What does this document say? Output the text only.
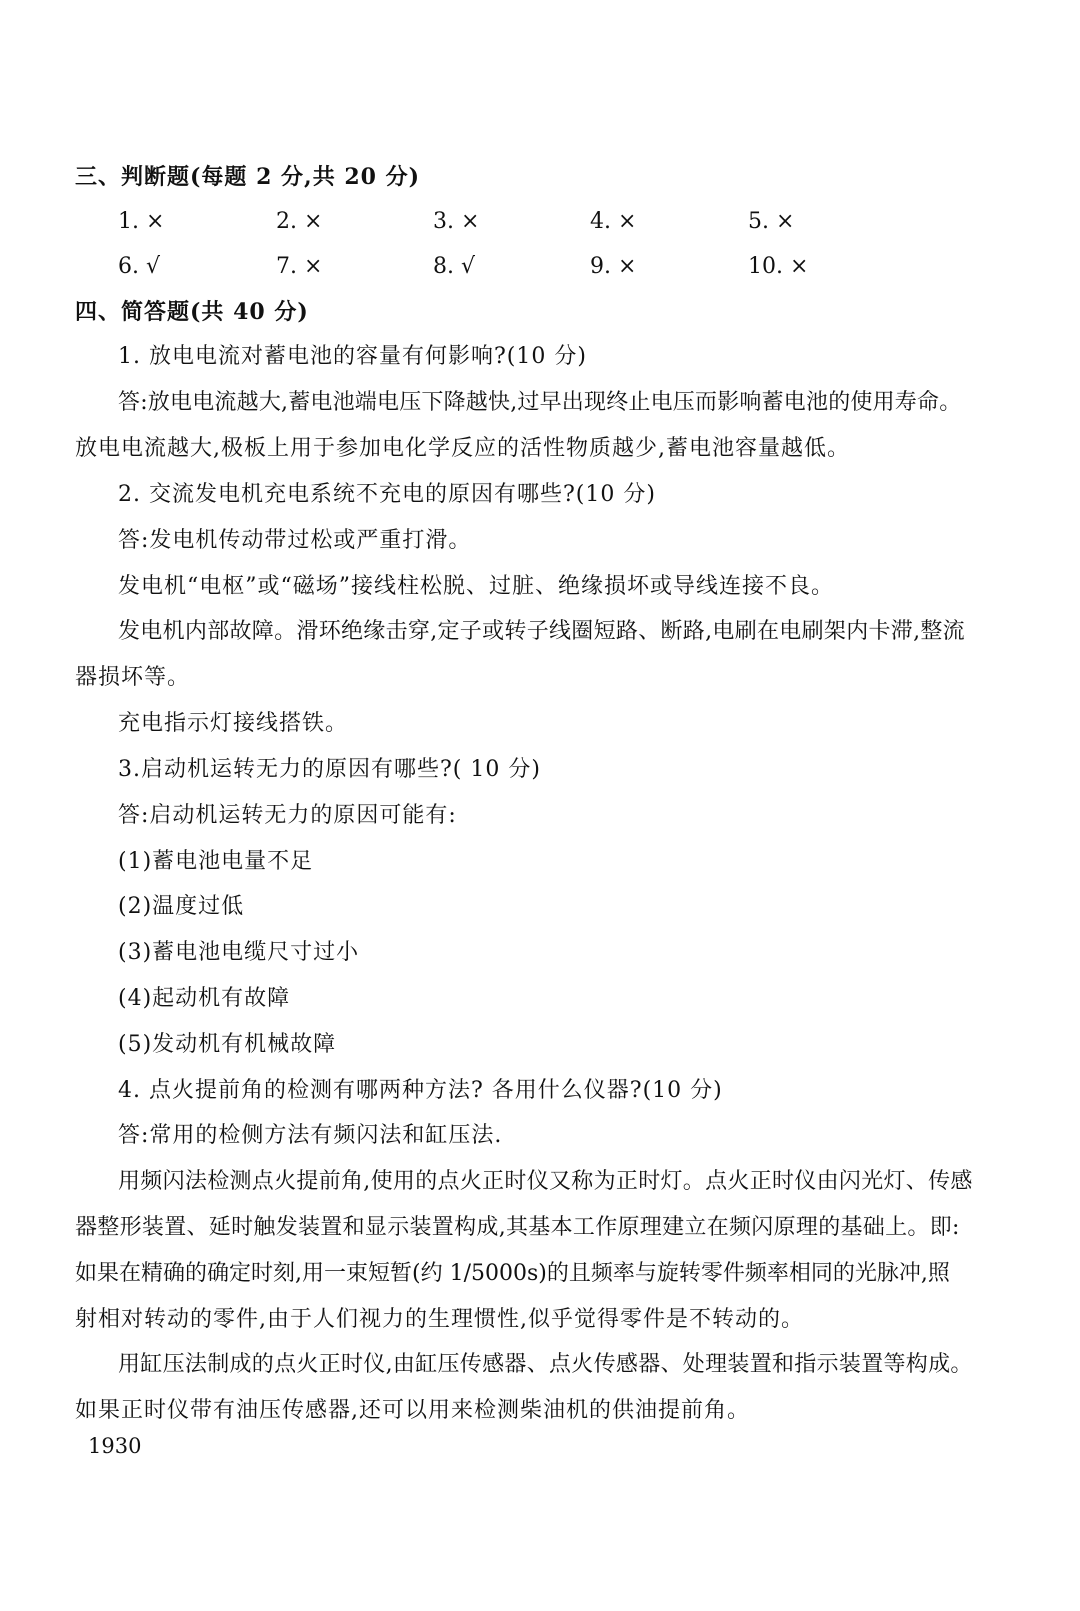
三、判断题(每题 2 分,共 20 分)
1. ×	2. ×	3. ×	4. ×	5. ×
6. √	7. ×	8. √	9. ×	10. ×
四、简答题(共 40 分)
1. 放电电流对蓄电池的容量有何影响?(10 分)
答:放电电流越大,蓄电池端电压下降越快,过早出现终止电压而影响蓄电池的使用寿命。
放电电流越大,极板上用于参加电化学反应的活性物质越少,蓄电池容量越低。
2. 交流发电机充电系统不充电的原因有哪些?(10 分)
答:发电机传动带过松或严重打滑。
发电机“电枢”或“磁场”接线柱松脱、过脏、绝缘损坏或导线连接不良。
发电机内部故障。滑环绝缘击穿,定子或转子线圈短路、断路,电刷在电刷架内卡滞,整流
器损坏等。
充电指示灯接线搭铁。
3.启动机运转无力的原因有哪些?( 10 分)
答:启动机运转无力的原因可能有:
(1)蓄电池电量不足
(2)温度过低
(3)蓄电池电缆尺寸过小
(4)起动机有故障
(5)发动机有机械故障
4. 点火提前角的检测有哪两种方法? 各用什么仪器?(10 分)
答:常用的检侧方法有频闪法和缸压法.
用频闪法检测点火提前角,使用的点火正时仪又称为正时灯。点火正时仪由闪光灯、传感
器整形装置、延时触发装置和显示装置构成,其基本工作原理建立在频闪原理的基础上。即:
如果在精确的确定时刻,用一束短暂(约 1/5000s)的且频率与旋转零件频率相同的光脉冲,照
射相对转动的零件,由于人们视力的生理惯性,似乎觉得零件是不转动的。
用缸压法制成的点火正时仪,由缸压传感器、点火传感器、处理装置和指示装置等构成。
如果正时仪带有油压传感器,还可以用来检测柴油机的供油提前角。
1930
